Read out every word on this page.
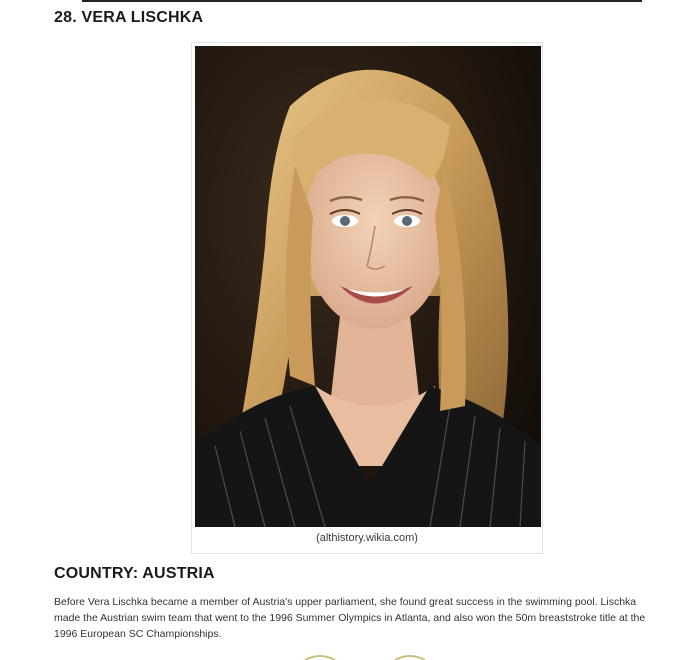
28. VERA LISCHKA
(althistory.wikia.com)
COUNTRY: AUSTRIA

Before Vera Lischka became a member of Austria's upper parliament, she found great success in the swimming pool. Lischka made the Austrian swim team that went to the 1996 Summer Olympics in Atlanta, and also won the 50m breaststroke title at the 1996 European SC Championships.
